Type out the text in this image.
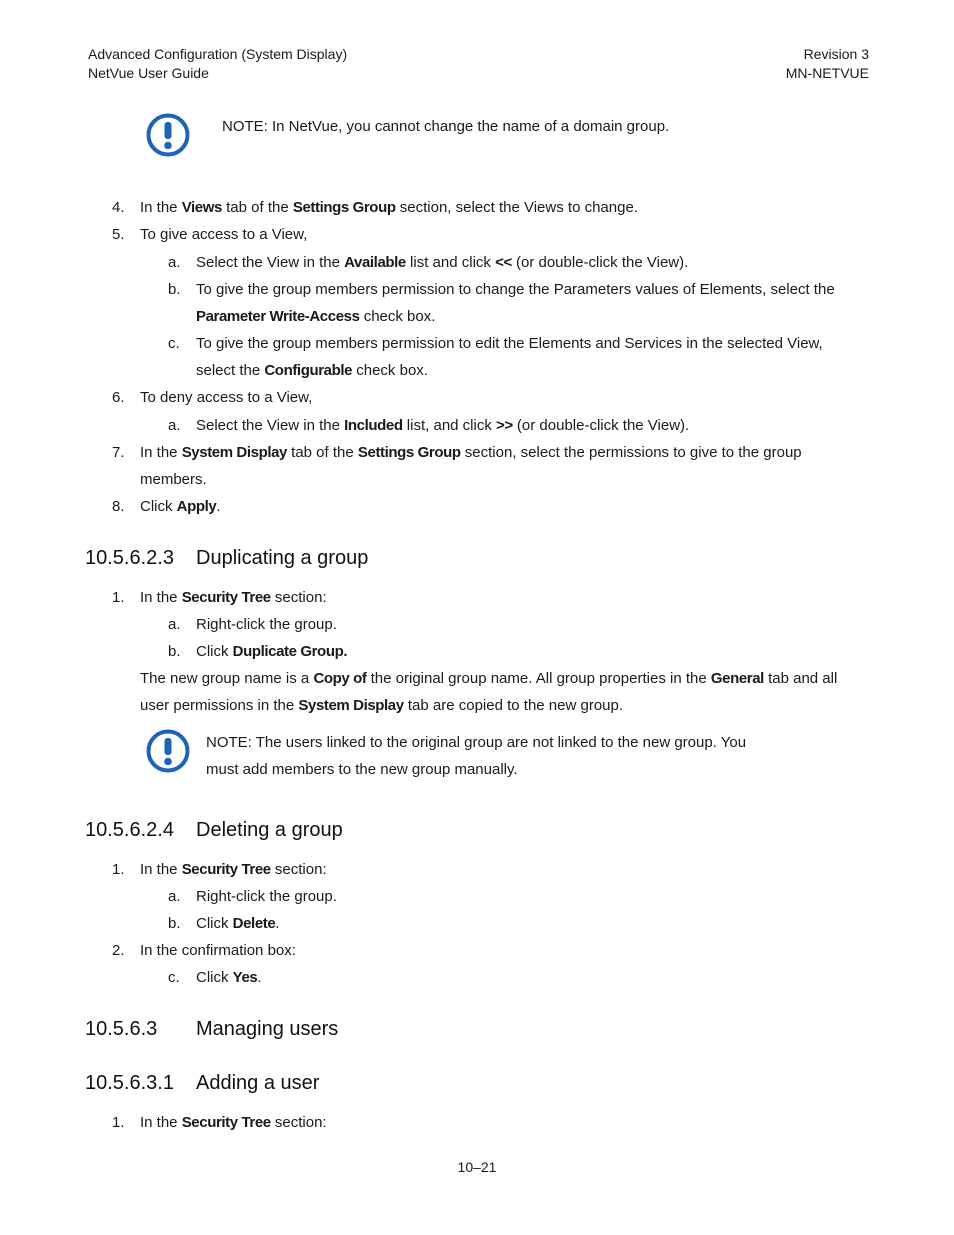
Advanced Configuration (System Display)
NetVue User Guide
Revision 3
MN-NETVUE
NOTE: In NetVue, you cannot change the name of a domain group.
4. In the Views tab of the Settings Group section, select the Views to change.
5. To give access to a View,
a. Select the View in the Available list and click << (or double-click the View).
b. To give the group members permission to change the Parameters values of Elements, select the
Parameter Write-Access check box.
c. To give the group members permission to edit the Elements and Services in the selected View,
select the Configurable check box.
6. To deny access to a View,
a. Select the View in the Included list, and click >> (or double-click the View).
7. In the System Display tab of the Settings Group section, select the permissions to give to the group
members.
8. Click Apply.
10.5.6.2.3 Duplicating a group
1. In the Security Tree section:
a. Right-click the group.
b. Click Duplicate Group.
The new group name is a Copy of the original group name. All group properties in the General tab and all
user permissions in the System Display tab are copied to the new group.
NOTE: The users linked to the original group are not linked to the new group. You
must add members to the new group manually.
10.5.6.2.4 Deleting a group
1. In the Security Tree section:
a. Right-click the group.
b. Click Delete.
2. In the confirmation box:
c. Click Yes.
10.5.6.3 Managing users
10.5.6.3.1 Adding a user
1. In the Security Tree section:
10–21
